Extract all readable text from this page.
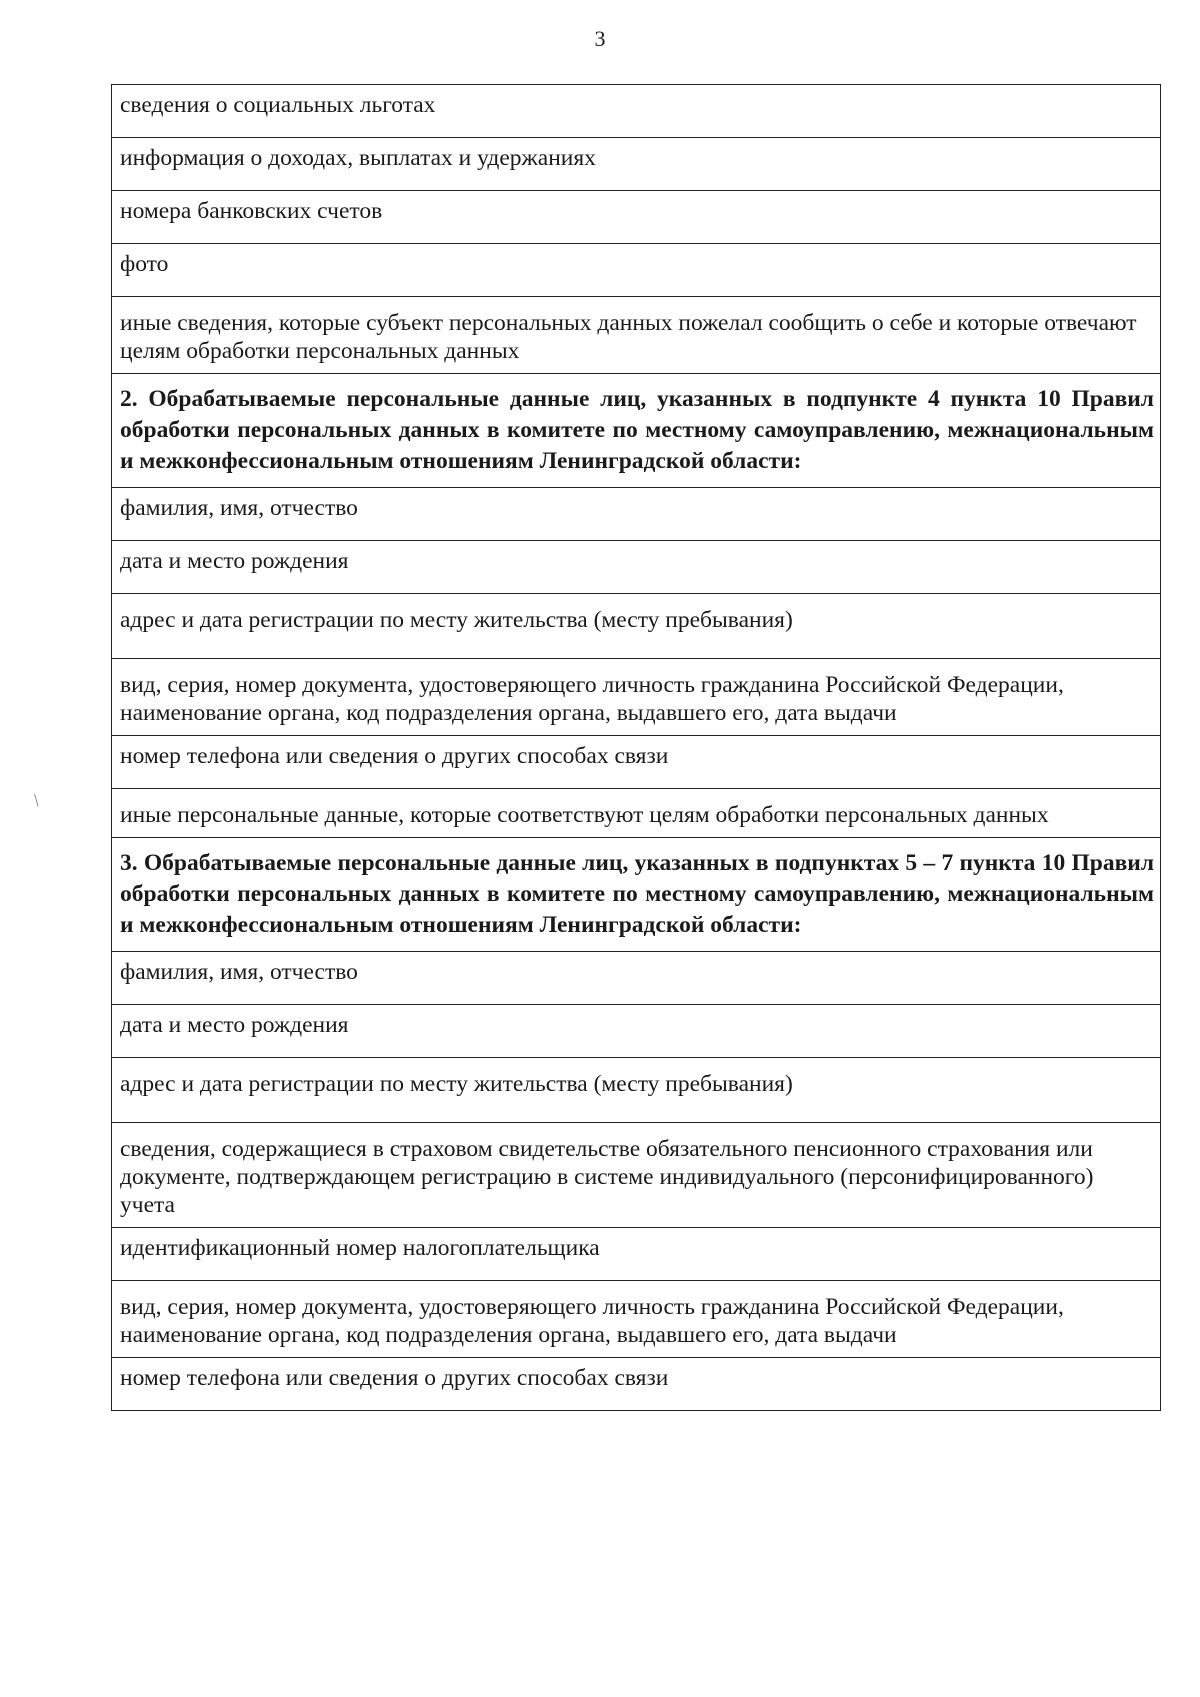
3
сведения о социальных льготах
информация о доходах, выплатах и удержаниях
номера банковских счетов
фото
иные сведения, которые субъект персональных данных пожелал сообщить о себе и которые отвечают целям обработки персональных данных
2. Обрабатываемые персональные данные лиц, указанных в подпункте 4 пункта 10 Правил обработки персональных данных в комитете по местному самоуправлению, межнациональным и межконфессиональным отношениям Ленинградской области:
фамилия, имя, отчество
дата и место рождения
адрес и дата регистрации по месту жительства (месту пребывания)
вид, серия, номер документа, удостоверяющего личность гражданина Российской Федерации, наименование органа, код подразделения органа, выдавшего его, дата выдачи
номер телефона или сведения о других способах связи
иные персональные данные, которые соответствуют целям обработки персональных данных
3. Обрабатываемые персональные данные лиц, указанных в подпунктах 5 – 7 пункта 10 Правил обработки персональных данных в комитете по местному самоуправлению, межнациональным и межконфессиональным отношениям Ленинградской области:
фамилия, имя, отчество
дата и место рождения
адрес и дата регистрации по месту жительства (месту пребывания)
сведения, содержащиеся в страховом свидетельстве обязательного пенсионного страхования или документе, подтверждающем регистрацию в системе индивидуального (персонифицированного) учета
идентификационный номер налогоплательщика
вид, серия, номер документа, удостоверяющего личность гражданина Российской Федерации, наименование органа, код подразделения органа, выдавшего его, дата выдачи
номер телефона или сведения о других способах связи
/
